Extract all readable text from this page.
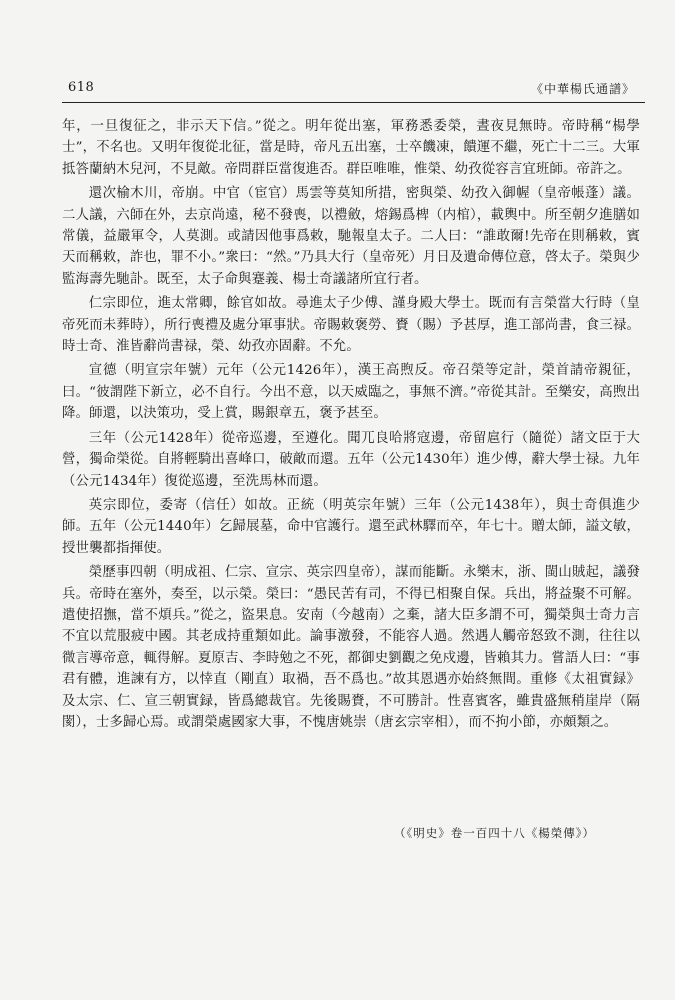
618	《中華楊氏通譜》

年，一旦復征之，非示天下信。”從之。明年從出塞，軍務悉委榮，晝夜見無時。帝時稱“楊學士”，不名也。又明年復從北征，當是時，帝凡五出塞，士卒饑凍，饋運不繼，死亡十二三。大軍抵答蘭納木兒河，不見敵。帝問群臣當復進否。群臣唯唯，惟榮、幼孜從容言宜班師。帝許之。

還次榆木川，帝崩。中官（宦官）馬雲等莫知所措，密與榮、幼孜入御幄（皇帝帳蓬）議。二人議，六師在外，去京尚遠，秘不發喪，以禮斂，熔錫爲椑（内棺），載輿中。所至朝夕進膳如常儀，益嚴軍令，人莫測。或請因他事爲敕，馳報皇太子。二人曰：“誰敢爾!先帝在則稱敕，賓天而稱敕，詐也，罪不小。”衆曰：“然。”乃具大行（皇帝死）月日及遺命傳位意，啓太子。榮與少監海壽先馳訃。既至，太子命與蹇義、楊士奇議諸所宜行者。

仁宗即位，進太常卿，餘官如故。尋進太子少傅、謹身殿大學士。既而有言榮當大行時（皇帝死而未葬時），所行喪禮及處分軍事狀。帝賜敕褒勞、賚（賜）予甚厚，進工部尚書，食三禄。時士奇、淮皆辭尚書禄，榮、幼孜亦固辭。不允。

宣德（明宣宗年號）元年（公元1426年），漢王高煦反。帝召榮等定計，榮首請帝親征，曰。“彼謂陛下新立，必不自行。今出不意，以天威臨之，事無不濟。”帝從其計。至樂安，高煦出降。師還，以決策功，受上賞，賜銀章五，褒予甚至。

三年（公元1428年）從帝巡邊，至遵化。聞兀良哈將寇邊，帝留扈行（隨從）諸文臣于大營，獨命榮從。自將輕騎出喜峰口，破敵而還。五年（公元1430年）進少傅，辭大學士禄。九年（公元1434年）復從巡邊，至洗馬林而還。

英宗即位，委寄（信任）如故。正統（明英宗年號）三年（公元1438年），與士奇俱進少師。五年（公元1440年）乞歸展墓，命中官護行。還至武林驛而卒，年七十。贈太師，謚文敏，授世襲都指揮使。

榮歷事四朝（明成祖、仁宗、宣宗、英宗四皇帝），謀而能斷。永樂末，浙、閩山賊起，議發兵。帝時在塞外，奏至，以示榮。榮曰：“愚民苦有司，不得已相聚自保。兵出，將益聚不可解。遣使招撫，當不煩兵。”從之，盜果息。安南（今越南）之棄，諸大臣多謂不可，獨榮與士奇力言不宜以荒服疲中國。其老成持重類如此。論事激發，不能容人過。然遇人觸帝怒致不測，往往以微言導帝意，輒得解。夏原吉、李時勉之不死，都御史劉觀之免戍邊，皆賴其力。嘗語人曰：“事君有體，進諫有方，以悻直（剛直）取禍，吾不爲也。”故其恩遇亦始終無間。重修《太祖實録》及太宗、仁、宣三朝實録，皆爲總裁官。先後賜賚，不可勝計。性喜賓客，雖貴盛無稍崖岸（隔閡），士多歸心焉。或謂榮處國家大事，不愧唐姚崇（唐玄宗宰相），而不拘小節，亦頗類之。

（《明史》卷一百四十八《楊榮傳》）
